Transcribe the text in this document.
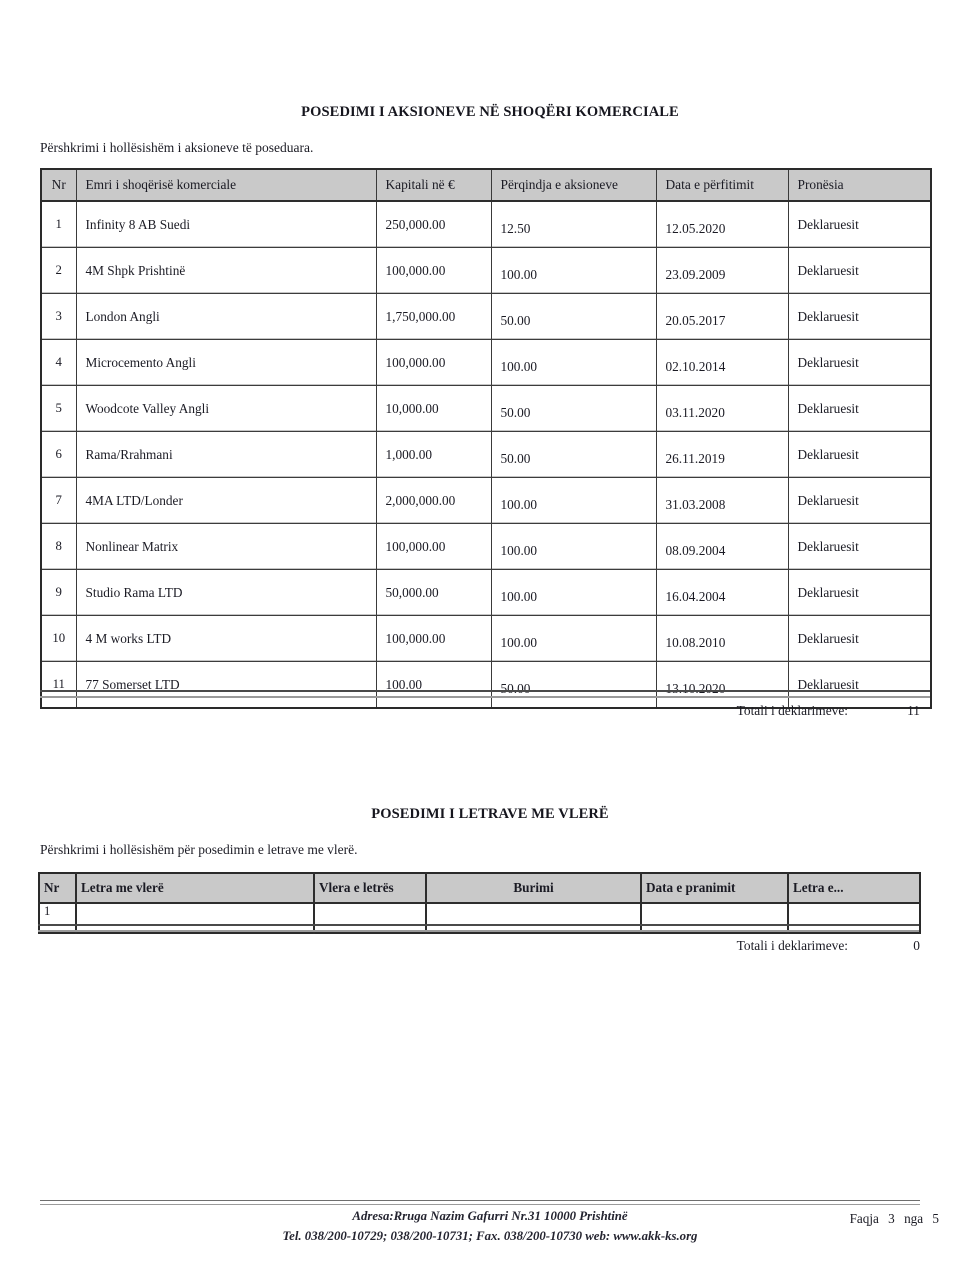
POSEDIMI I AKSIONEVE NË SHOQËRI KOMERCIALE
Përshkrimi i hollësishëm i aksioneve të poseduara.
Nr	Emri i shoqërisë komerciale	Kapitali në €	Përqindja e aksioneve	Data e përfitimit	Pronësia
1	Infinity 8 AB Suedi	250,000.00	12.50	12.05.2020	Deklaruesit
2	4M Shpk Prishtinë	100,000.00	100.00	23.09.2009	Deklaruesit
3	London Angli	1,750,000.00	50.00	20.05.2017	Deklaruesit
4	Microcemento Angli	100,000.00	100.00	02.10.2014	Deklaruesit
5	Woodcote Valley Angli	10,000.00	50.00	03.11.2020	Deklaruesit
6	Rama/Rrahmani	1,000.00	50.00	26.11.2019	Deklaruesit
7	4MA LTD/Londer	2,000,000.00	100.00	31.03.2008	Deklaruesit
8	Nonlinear Matrix	100,000.00	100.00	08.09.2004	Deklaruesit
9	Studio Rama LTD	50,000.00	100.00	16.04.2004	Deklaruesit
10	4 M works LTD	100,000.00	100.00	10.08.2010	Deklaruesit
11	77 Somerset LTD	100.00	50.00	13.10.2020	Deklaruesit
Totali i deklarimeve:	11
POSEDIMI I LETRAVE ME VLERË
Përshkrimi i hollësishëm për posedimin e letrave me vlerë.
Nr	Letra me vlerë	Vlera e letrës	Burimi	Data e pranimit	Letra e...
1					
Totali i deklarimeve:	0
Adresa:Rruga Nazim Gafurri Nr.31 10000 Prishtinë
Tel. 038/200-10729; 038/200-10731; Fax. 038/200-10730 web: www.akk-ks.org
Faqja 3 nga 5
